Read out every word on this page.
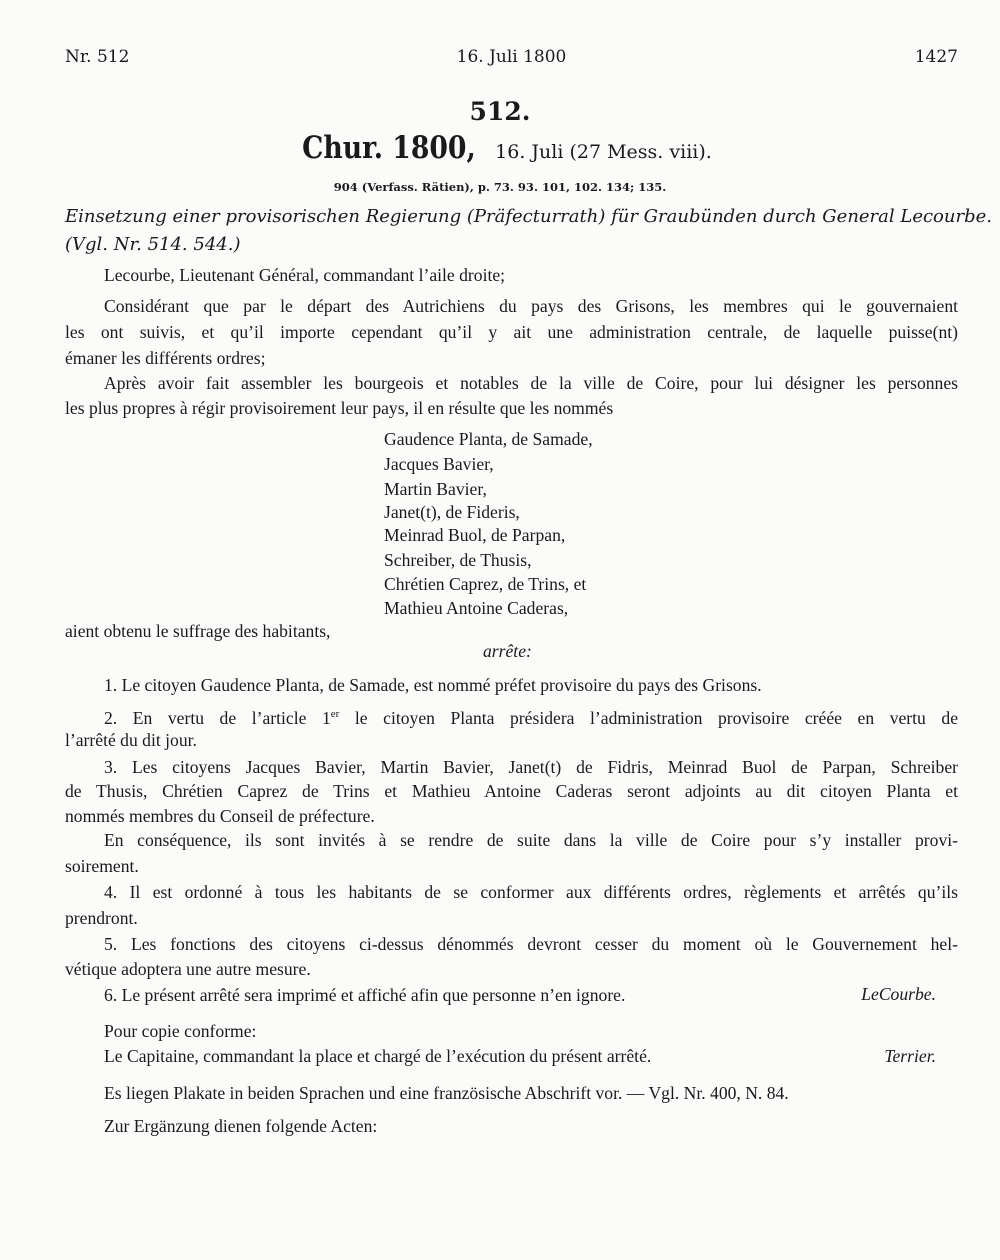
Nr. 512	16. Juli 1800	1427
512.
Chur. 1800, 16. Juli (27 Mess. viii).
904 (Verfass. Rätien), p. 73. 93. 101, 102. 134; 135.
Einsetzung einer provisorischen Regierung (Präfecturrath) für Graubünden durch General Lecourbe.
(Vgl. Nr. 514. 544.)
Lecourbe, Lieutenant Général, commandant l’aile droite;
Considérant que par le départ des Autrichiens du pays des Grisons, les membres qui le gouvernaient
les ont suivis, et qu’il importe cependant qu’il y ait une administration centrale, de laquelle puisse(nt)
émaner les différents ordres;
Après avoir fait assembler les bourgeois et notables de la ville de Coire, pour lui désigner les personnes
les plus propres à régir provisoirement leur pays, il en résulte que les nommés
Gaudence Planta, de Samade,
Jacques Bavier,
Martin Bavier,
Janet(t), de Fideris,
Meinrad Buol, de Parpan,
Schreiber, de Thusis,
Chrétien Caprez, de Trins, et
Mathieu Antoine Caderas,
aient obtenu le suffrage des habitants,
arrête:
1. Le citoyen Gaudence Planta, de Samade, est nommé préfet provisoire du pays des Grisons.
2. En vertu de l’article 1er le citoyen Planta présidera l’administration provisoire créée en vertu de
l’arrêté du dit jour.
3. Les citoyens Jacques Bavier, Martin Bavier, Janet(t) de Fidris, Meinrad Buol de Parpan, Schreiber
de Thusis, Chrétien Caprez de Trins et Mathieu Antoine Caderas seront adjoints au dit citoyen Planta et
nommés membres du Conseil de préfecture.
En conséquence, ils sont invités à se rendre de suite dans la ville de Coire pour s’y installer provi-
soirement.
4. Il est ordonné à tous les habitants de se conformer aux différents ordres, règlements et arrêtés qu’ils
prendront.
5. Les fonctions des citoyens ci-dessus dénommés devront cesser du moment où le Gouvernement hel-
vétique adoptera une autre mesure.
6. Le présent arrêté sera imprimé et affiché afin que personne n’en ignore.	LeCourbe.
Pour copie conforme:
Le Capitaine, commandant la place et chargé de l’exécution du présent arrêté.	Terrier.
Es liegen Plakate in beiden Sprachen und eine französische Abschrift vor. — Vgl. Nr. 400, N. 84.
Zur Ergänzung dienen folgende Acten:
